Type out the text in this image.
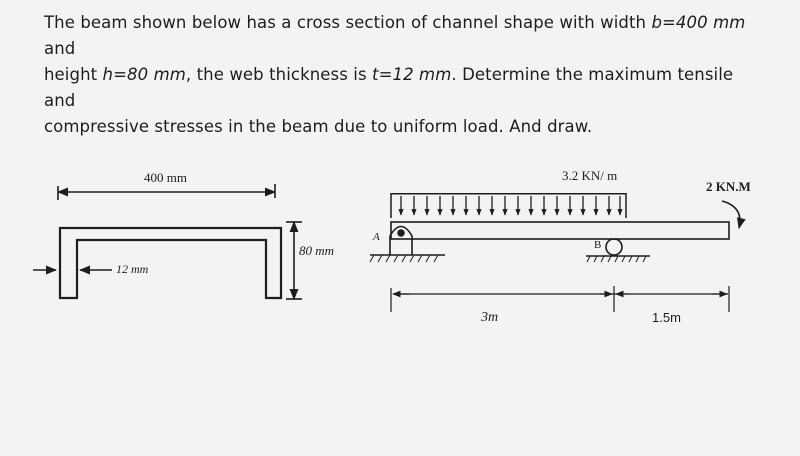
The beam shown below has a cross section of channel shape with width b=400 mm and

height h=80 mm, the web thickness is t=12 mm. Determine the maximum tensile and

compressive stresses in the beam due to uniform load. And draw.

400 mm
80 mm
12 mm
3.2 KN/ m
2 KN.M
A
B
3m	1.5m
